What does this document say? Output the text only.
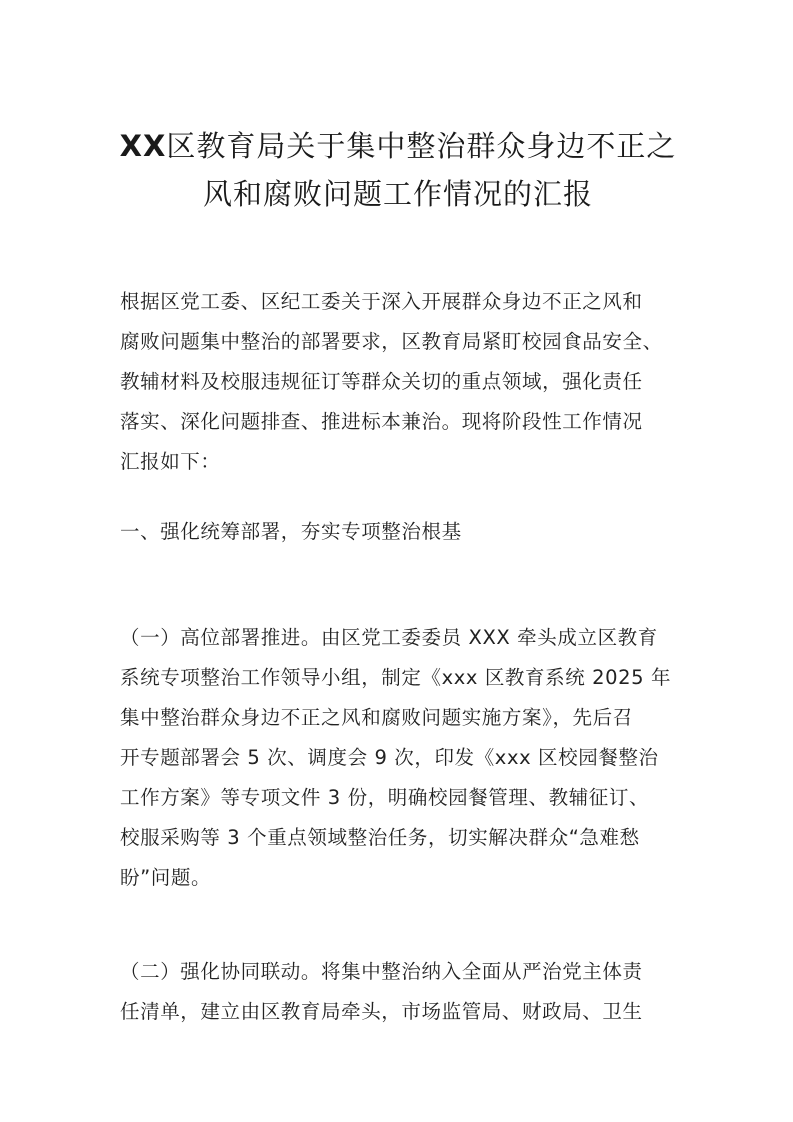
XX区教育局关于集中整治群众身边不正之
风和腐败问题工作情况的汇报

根据区党工委、区纪工委关于深入开展群众身边不正之风和
腐败问题集中整治的部署要求，区教育局紧盯校园食品安全、
教辅材料及校服违规征订等群众关切的重点领域，强化责任
落实、深化问题排查、推进标本兼治。现将阶段性工作情况
汇报如下：

一、强化统筹部署，夯实专项整治根基

（一）高位部署推进。由区党工委委员 XXX 牵头成立区教育
系统专项整治工作领导小组，制定《xxx 区教育系统 2025 年
集中整治群众身边不正之风和腐败问题实施方案》，先后召
开专题部署会 5 次、调度会 9 次，印发《xxx 区校园餐整治
工作方案》等专项文件 3 份，明确校园餐管理、教辅征订、
校服采购等 3 个重点领域整治任务，切实解决群众“急难愁
盼”问题。

（二）强化协同联动。将集中整治纳入全面从严治党主体责
任清单，建立由区教育局牵头，市场监管局、财政局、卫生
